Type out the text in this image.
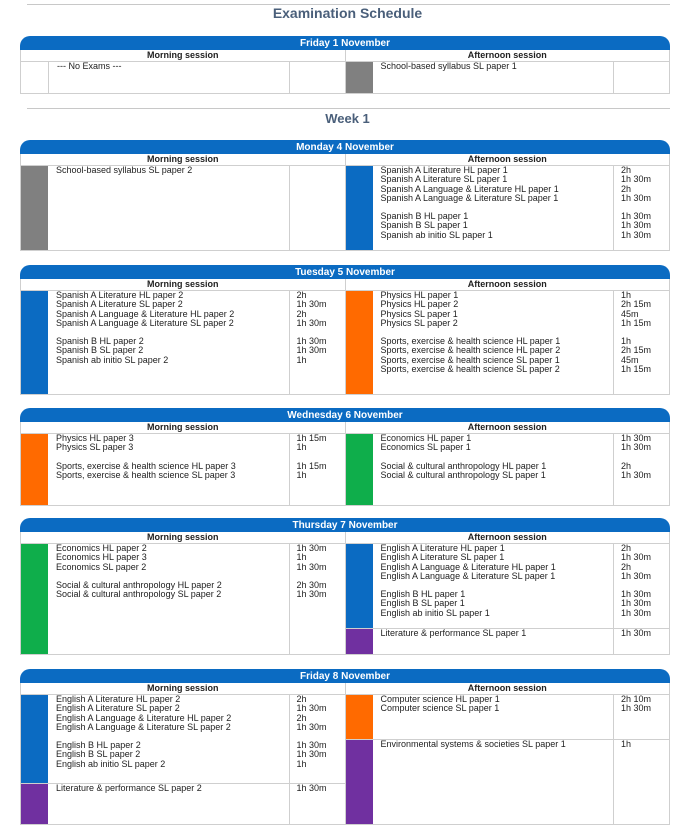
Examination Schedule
Week 1
Friday 1 November
Morning session
--- No Exams ---
Afternoon session
School-based syllabus SL paper 1
Monday 4 November
Morning session
School-based syllabus SL paper 2
Afternoon session
Spanish A Literature HL paper 1	2h
Spanish A Literature SL paper 1	1h 30m
Spanish A Language & Literature HL paper 1	2h
Spanish A Language & Literature SL paper 1	1h 30m
Spanish B HL paper 1	1h 30m
Spanish B SL paper 1	1h 30m
Spanish ab initio SL paper 1	1h 30m
Tuesday 5 November
Morning session
Spanish A Literature HL paper 2	2h
Spanish A Literature SL paper 2	1h 30m
Spanish A Language & Literature HL paper 2	2h
Spanish A Language & Literature SL paper 2	1h 30m
Spanish B HL paper 2	1h 30m
Spanish B SL paper 2	1h 30m
Spanish ab initio SL paper 2	1h
Afternoon session
Physics HL paper 1	1h
Physics HL paper 2	2h 15m
Physics SL paper 1	45m
Physics SL paper 2	1h 15m
Sports, exercise & health science HL paper 1	1h
Sports, exercise & health science HL paper 2	2h 15m
Sports, exercise & health science SL paper 1	45m
Sports, exercise & health science SL paper 2	1h 15m
Wednesday 6 November
Morning session
Physics HL paper 3	1h 15m
Physics SL paper 3	1h
Sports, exercise & health science HL paper 3	1h 15m
Sports, exercise & health science SL paper 3	1h
Afternoon session
Economics HL paper 1	1h 30m
Economics SL paper 1	1h 30m
Social & cultural anthropology HL paper 1	2h
Social & cultural anthropology SL paper 1	1h 30m
Thursday 7 November
Morning session
Economics HL paper 2	1h 30m
Economics HL paper 3	1h
Economics SL paper 2	1h 30m
Social & cultural anthropology HL paper 2	2h 30m
Social & cultural anthropology SL paper 2	1h 30m
Afternoon session
English A Literature HL paper 1	2h
English A Literature SL paper 1	1h 30m
English A Language & Literature HL paper 1	2h
English A Language & Literature SL paper 1	1h 30m
English B HL paper 1	1h 30m
English B SL paper 1	1h 30m
English ab initio SL paper 1	1h 30m
Literature & performance SL paper 1	1h 30m
Friday 8 November
Morning session
English A Literature HL paper 2	2h
English A Literature SL paper 2	1h 30m
English A Language & Literature HL paper 2	2h
English A Language & Literature SL paper 2	1h 30m
English B HL paper 2	1h 30m
English B SL paper 2	1h 30m
English ab initio SL paper 2	1h
Literature & performance SL paper 2	1h 30m
Afternoon session
Computer science HL paper 1	2h 10m
Computer science SL paper 1	1h 30m
Environmental systems & societies SL paper 1	1h
